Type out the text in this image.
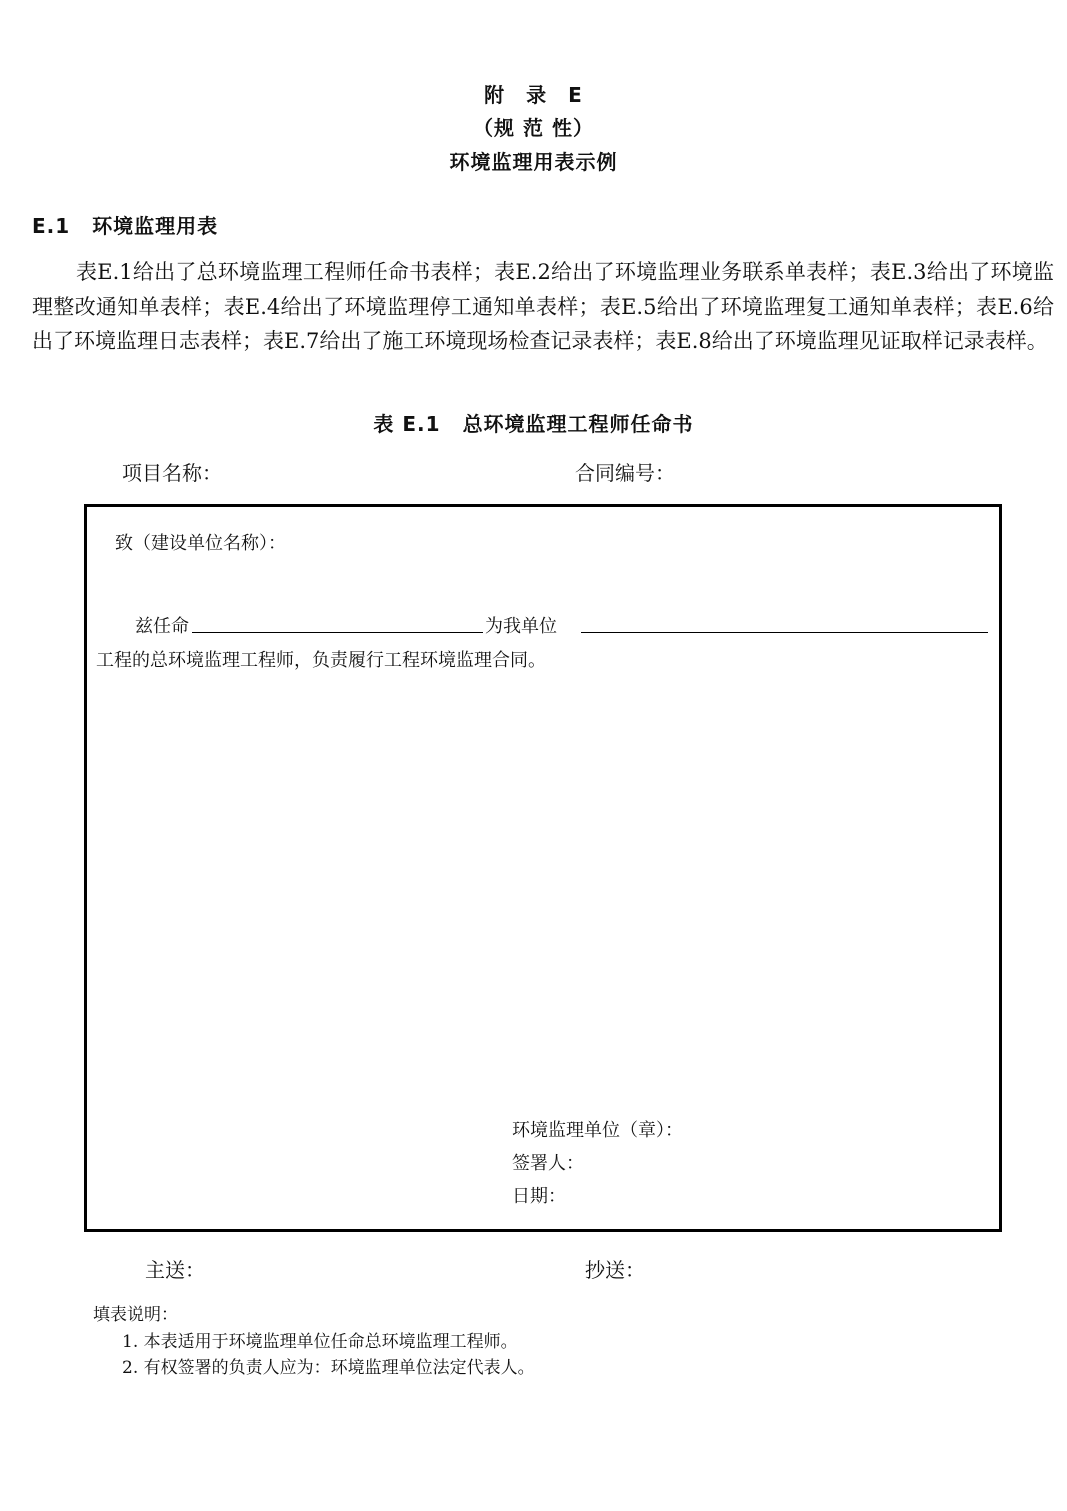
附　录　E
（规 范 性）
环境监理用表示例
E.1 环境监理用表
表E.1给出了总环境监理工程师任命书表样；表E.2给出了环境监理业务联系单表样；表E.3给出了环境监理整改通知单表样；表E.4给出了环境监理停工通知单表样；表E.5给出了环境监理复工通知单表样；表E.6给出了环境监理日志表样；表E.7给出了施工环境现场检查记录表样；表E.8给出了环境监理见证取样记录表样。
表 E.1 总环境监理工程师任命书
项目名称：	合同编号：
致（建设单位名称）：
兹任命	为我单位
工程的总环境监理工程师，负责履行工程环境监理合同。
环境监理单位（章）：
签署人：
日期：
主送：	抄送：
填表说明：
1. 本表适用于环境监理单位任命总环境监理工程师。
2. 有权签署的负责人应为：环境监理单位法定代表人。
